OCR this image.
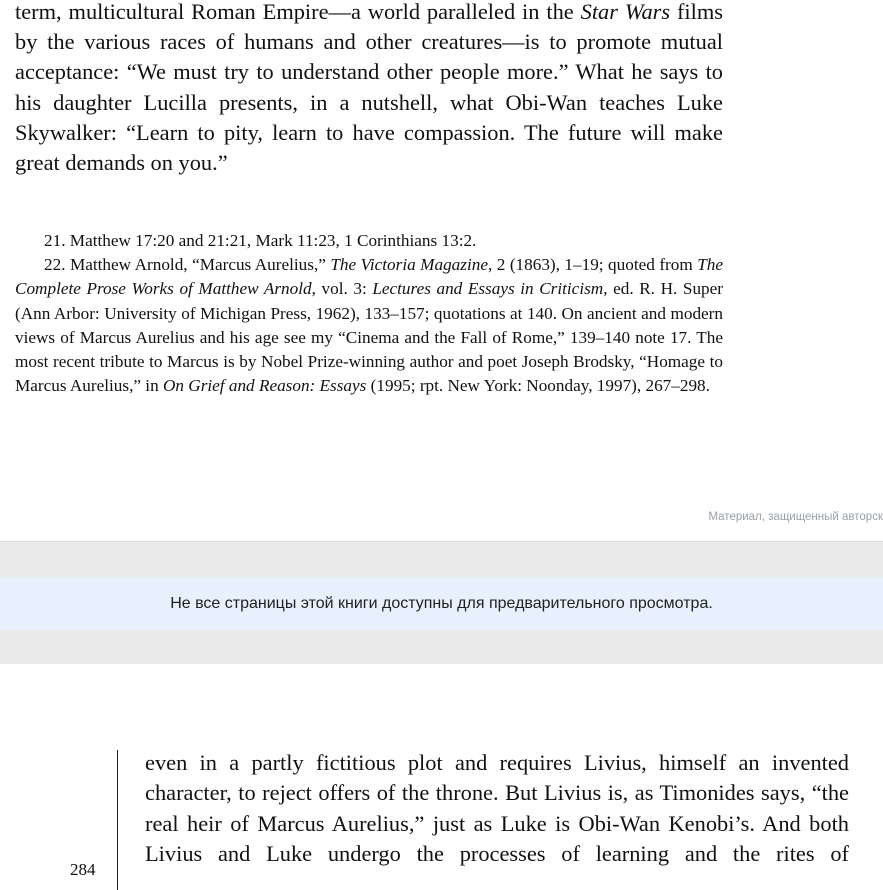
term, multicultural Roman Empire—a world paralleled in the Star Wars films by the various races of humans and other creatures—is to promote mutual acceptance: “We must try to understand other people more.” What he says to his daughter Lucilla presents, in a nutshell, what Obi-Wan teaches Luke Skywalker: “Learn to pity, learn to have compassion. The future will make great demands on you.”

21. Matthew 17:20 and 21:21, Mark 11:23, 1 Corinthians 13:2.

22. Matthew Arnold, “Marcus Aurelius,” The Victoria Magazine, 2 (1863), 1–19; quoted from The Complete Prose Works of Matthew Arnold, vol. 3: Lectures and Essays in Criticism, ed. R. H. Super (Ann Arbor: University of Michigan Press, 1962), 133–157; quotations at 140. On ancient and modern views of Marcus Aurelius and his age see my “Cinema and the Fall of Rome,” 139–140 note 17. The most recent tribute to Marcus is by Nobel Prize-winning author and poet Joseph Brodsky, “Homage to Marcus Aurelius,” in On Grief and Reason: Essays (1995; rpt. New York: Noonday, 1997), 267–298.

Материал, защищенный авторск
Не все страницы этой книги доступны для предварительного просмотра.
284

even in a partly fictitious plot and requires Livius, himself an invented character, to reject offers of the throne. But Livius is, as Timonides says, “the real heir of Marcus Aurelius,” just as Luke is Obi-Wan Kenobi’s. And both Livius and Luke undergo the processes of learning and the rites of
